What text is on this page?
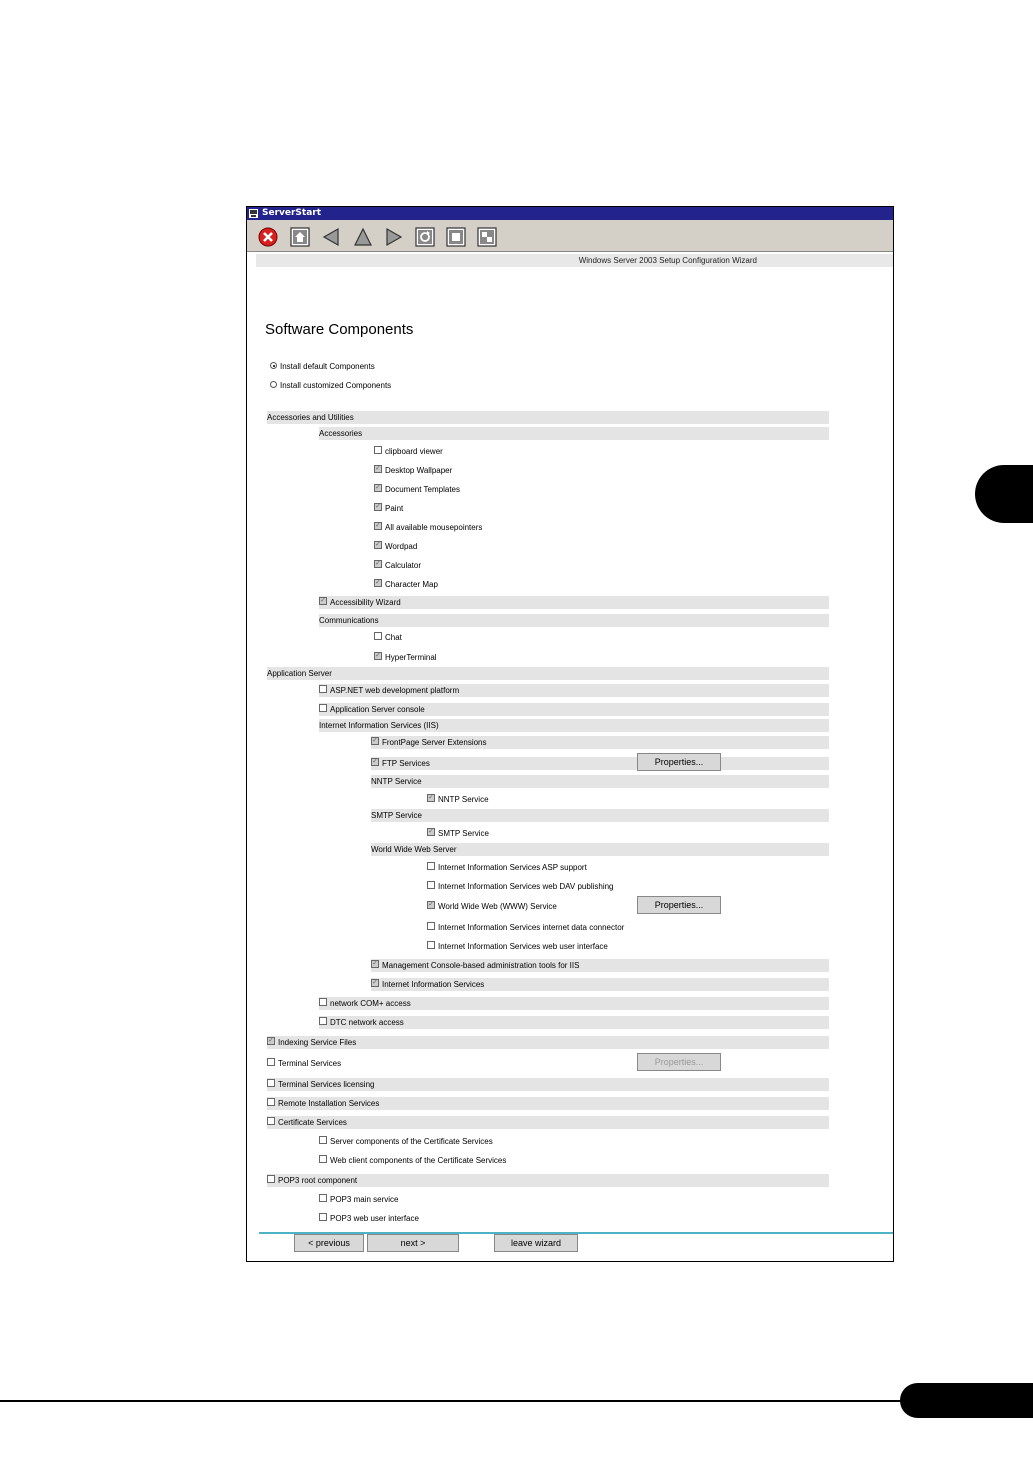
ServerStart
Windows Server 2003 Setup Configuration Wizard
Software Components
Install default Components
Install customized Components
Accessories and Utilities
Accessories
clipboard viewer
✓ Desktop Wallpaper
✓ Document Templates
✓ Paint
✓ All available mousepointers
✓ Wordpad
✓ Calculator
✓ Character Map
✓ Accessibility Wizard
Communications
Chat
✓ HyperTerminal
Application Server
ASP.NET web development platform
Application Server console
Internet Information Services (IIS)
✓ FrontPage Server Extensions
✓ FTP Services
NNTP Service
✓ NNTP Service
SMTP Service
✓ SMTP Service
World Wide Web Server
Internet Information Services ASP support
Internet Information Services web DAV publishing
✓ World Wide Web (WWW) Service
Internet Information Services internet data connector
Internet Information Services web user interface
✓ Management Console-based administration tools for IIS
✓ Internet Information Services
network COM+ access
DTC network access
✓ Indexing Service Files
Terminal Services
Terminal Services licensing
Remote Installation Services
Certificate Services
Server components of the Certificate Services
Web client components of the Certificate Services
POP3 root component
POP3 main service
POP3 web user interface
Properties...
Properties...
Properties...
< previous	next >	leave wizard
